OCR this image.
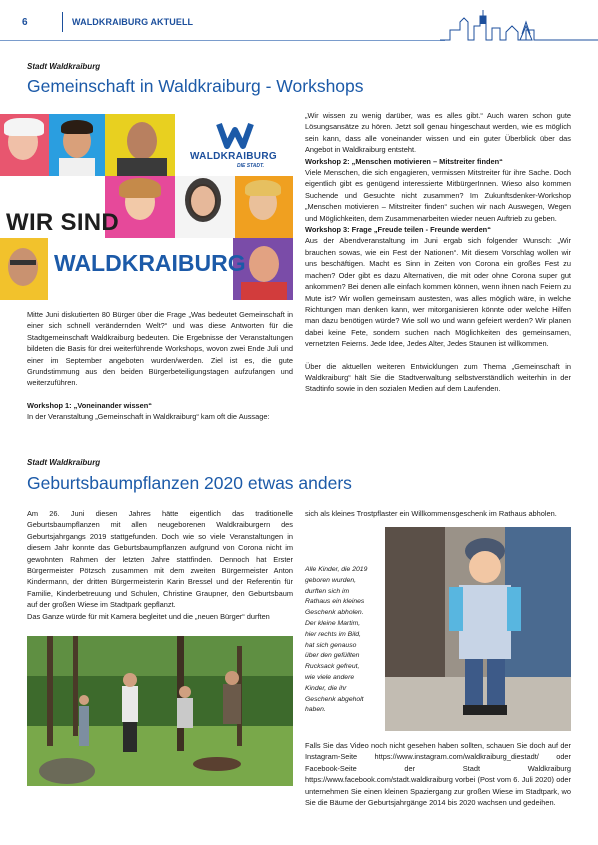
6	WALDKRAIBURG AKTUELL
Stadt Waldkraiburg
Gemeinschaft in Waldkraiburg - Workshops
WALDKRAIBURG
DIE STADT.
WIR SIND
WALDKRAIBURG

Mitte Juni diskutierten 80 Bürger über die Frage „Was bedeutet Gemeinschaft in einer sich schnell verändernden Welt?“ und was diese Antworten für die Stadtgemeinschaft Waldkraiburg bedeuten. Die Ergebnisse der Veranstaltungen bildeten die Basis für drei weiterführende Workshops, wovon zwei Ende Juli und einer im September angeboten wurden/werden. Ziel ist es, die gute Grundstimmung aus den beiden Bürgerbeteiligungstagen aufzufangen und weiterzuführen.

Workshop 1: „Voneinander wissen“

In der Veranstaltung „Gemeinschaft in Waldkraiburg“ kam oft die Aussage:

„Wir wissen zu wenig darüber, was es alles gibt.“ Auch waren schon gute Lösungsansätze zu hören. Jetzt soll genau hingeschaut werden, wie es möglich sein kann, dass alle voneinander wissen und ein guter Überblick über das Angebot in Waldkraiburg entsteht.

Workshop 2: „Menschen motivieren – Mitstreiter finden“

Viele Menschen, die sich engagieren, vermissen Mitstreiter für ihre Sache. Doch eigentlich gibt es genügend interessierte MitbürgerInnen. Wieso also kommen Suchende und Gesuchte nicht zusammen? Im Zukunftsdenker-Workshop „Menschen motivieren – Mitstreiter finden“ suchen wir nach Auswegen, Wegen und Möglichkeiten, dem Zusammenarbeiten wieder neuen Auftrieb zu geben.

Workshop 3: Frage „Freude teilen - Freunde werden“

Aus der Abendveranstaltung im Juni ergab sich folgender Wunsch: „Wir brauchen sowas, wie ein Fest der Nationen“. Mit diesem Vorschlag wollen wir uns beschäftigen. Macht es Sinn in Zeiten von Corona ein großes Fest zu machen? Oder gibt es dazu Alternativen, die mit oder ohne Corona super gut ankommen? Bei denen alle einfach kommen können, wenn ihnen nach Feiern zu Mute ist? Wir wollen gemeinsam austesten, was alles möglich wäre, in welche Richtungen man denken kann, wer mitorganisieren könnte oder welche Hilfen man dazu benötigen würde? Wie soll wo und wann gefeiert werden? Wir planen dabei keine Fete, sondern suchen nach Möglichkeiten des gemeinsamen, vernetzten Feierns. Jede Idee, Jedes Alter, Jedes Staunen ist willkommen.

Über die aktuellen weiteren Entwicklungen zum Thema „Gemeinschaft in Waldkraiburg“ hält Sie die Stadtverwaltung selbstverständlich weiterhin in der Stadtinfo sowie in den sozialen Medien auf dem Laufenden.

Stadt Waldkraiburg
Geburtsbaumpflanzen 2020 etwas anders

Am 26. Juni diesen Jahres hätte eigentlich das traditionelle Geburtsbaumpflanzen mit allen neugeborenen Waldkraiburgern des Geburtsjahrgangs 2019 stattgefunden. Doch wie so viele Veranstaltungen in diesem Jahr konnte das Geburtsbaumpflanzen aufgrund von Corona nicht im gewohnten Rahmen der letzten Jahre stattfinden. Dennoch hat Erster Bürgermeister Pötzsch zusammen mit dem zweiten Bürgermeister Anton Kindermann, der dritten Bürgermeisterin Karin Bressel und der Referentin für Familie, Kinderbetreuung und Schulen, Christine Graupner, den Geburtsbaum auf der großen Wiese im Stadtpark gepflanzt.

Das Ganze würde für mit Kamera begleitet und die „neuen Bürger“ durften

sich als kleines Trostpflaster ein Willkommensgeschenk im Rathaus abholen.

Alle Kinder, die 2019 geboren wurden, durften sich im Rathaus ein kleines Geschenk abholen. Der kleine Martim, hier rechts im Bild, hat sich genauso über den gefüllten Rucksack gefreut, wie viele andere Kinder, die ihr Geschenk abgeholt haben.

Falls Sie das Video noch nicht gesehen haben sollten, schauen Sie doch auf der Instagram-Seite https://www.instagram.com/waldkraiburg_diestadt/ oder Facebook-Seite der Stadt Waldkraiburg https://www.facebook.com/stadt.waldkraiburg vorbei (Post vom 6. Juli 2020) oder unternehmen Sie einen kleinen Spaziergang zur großen Wiese im Stadtpark, wo Sie die Bäume der Geburtsjahrgänge 2014 bis 2020 wachsen und gedeihen.
